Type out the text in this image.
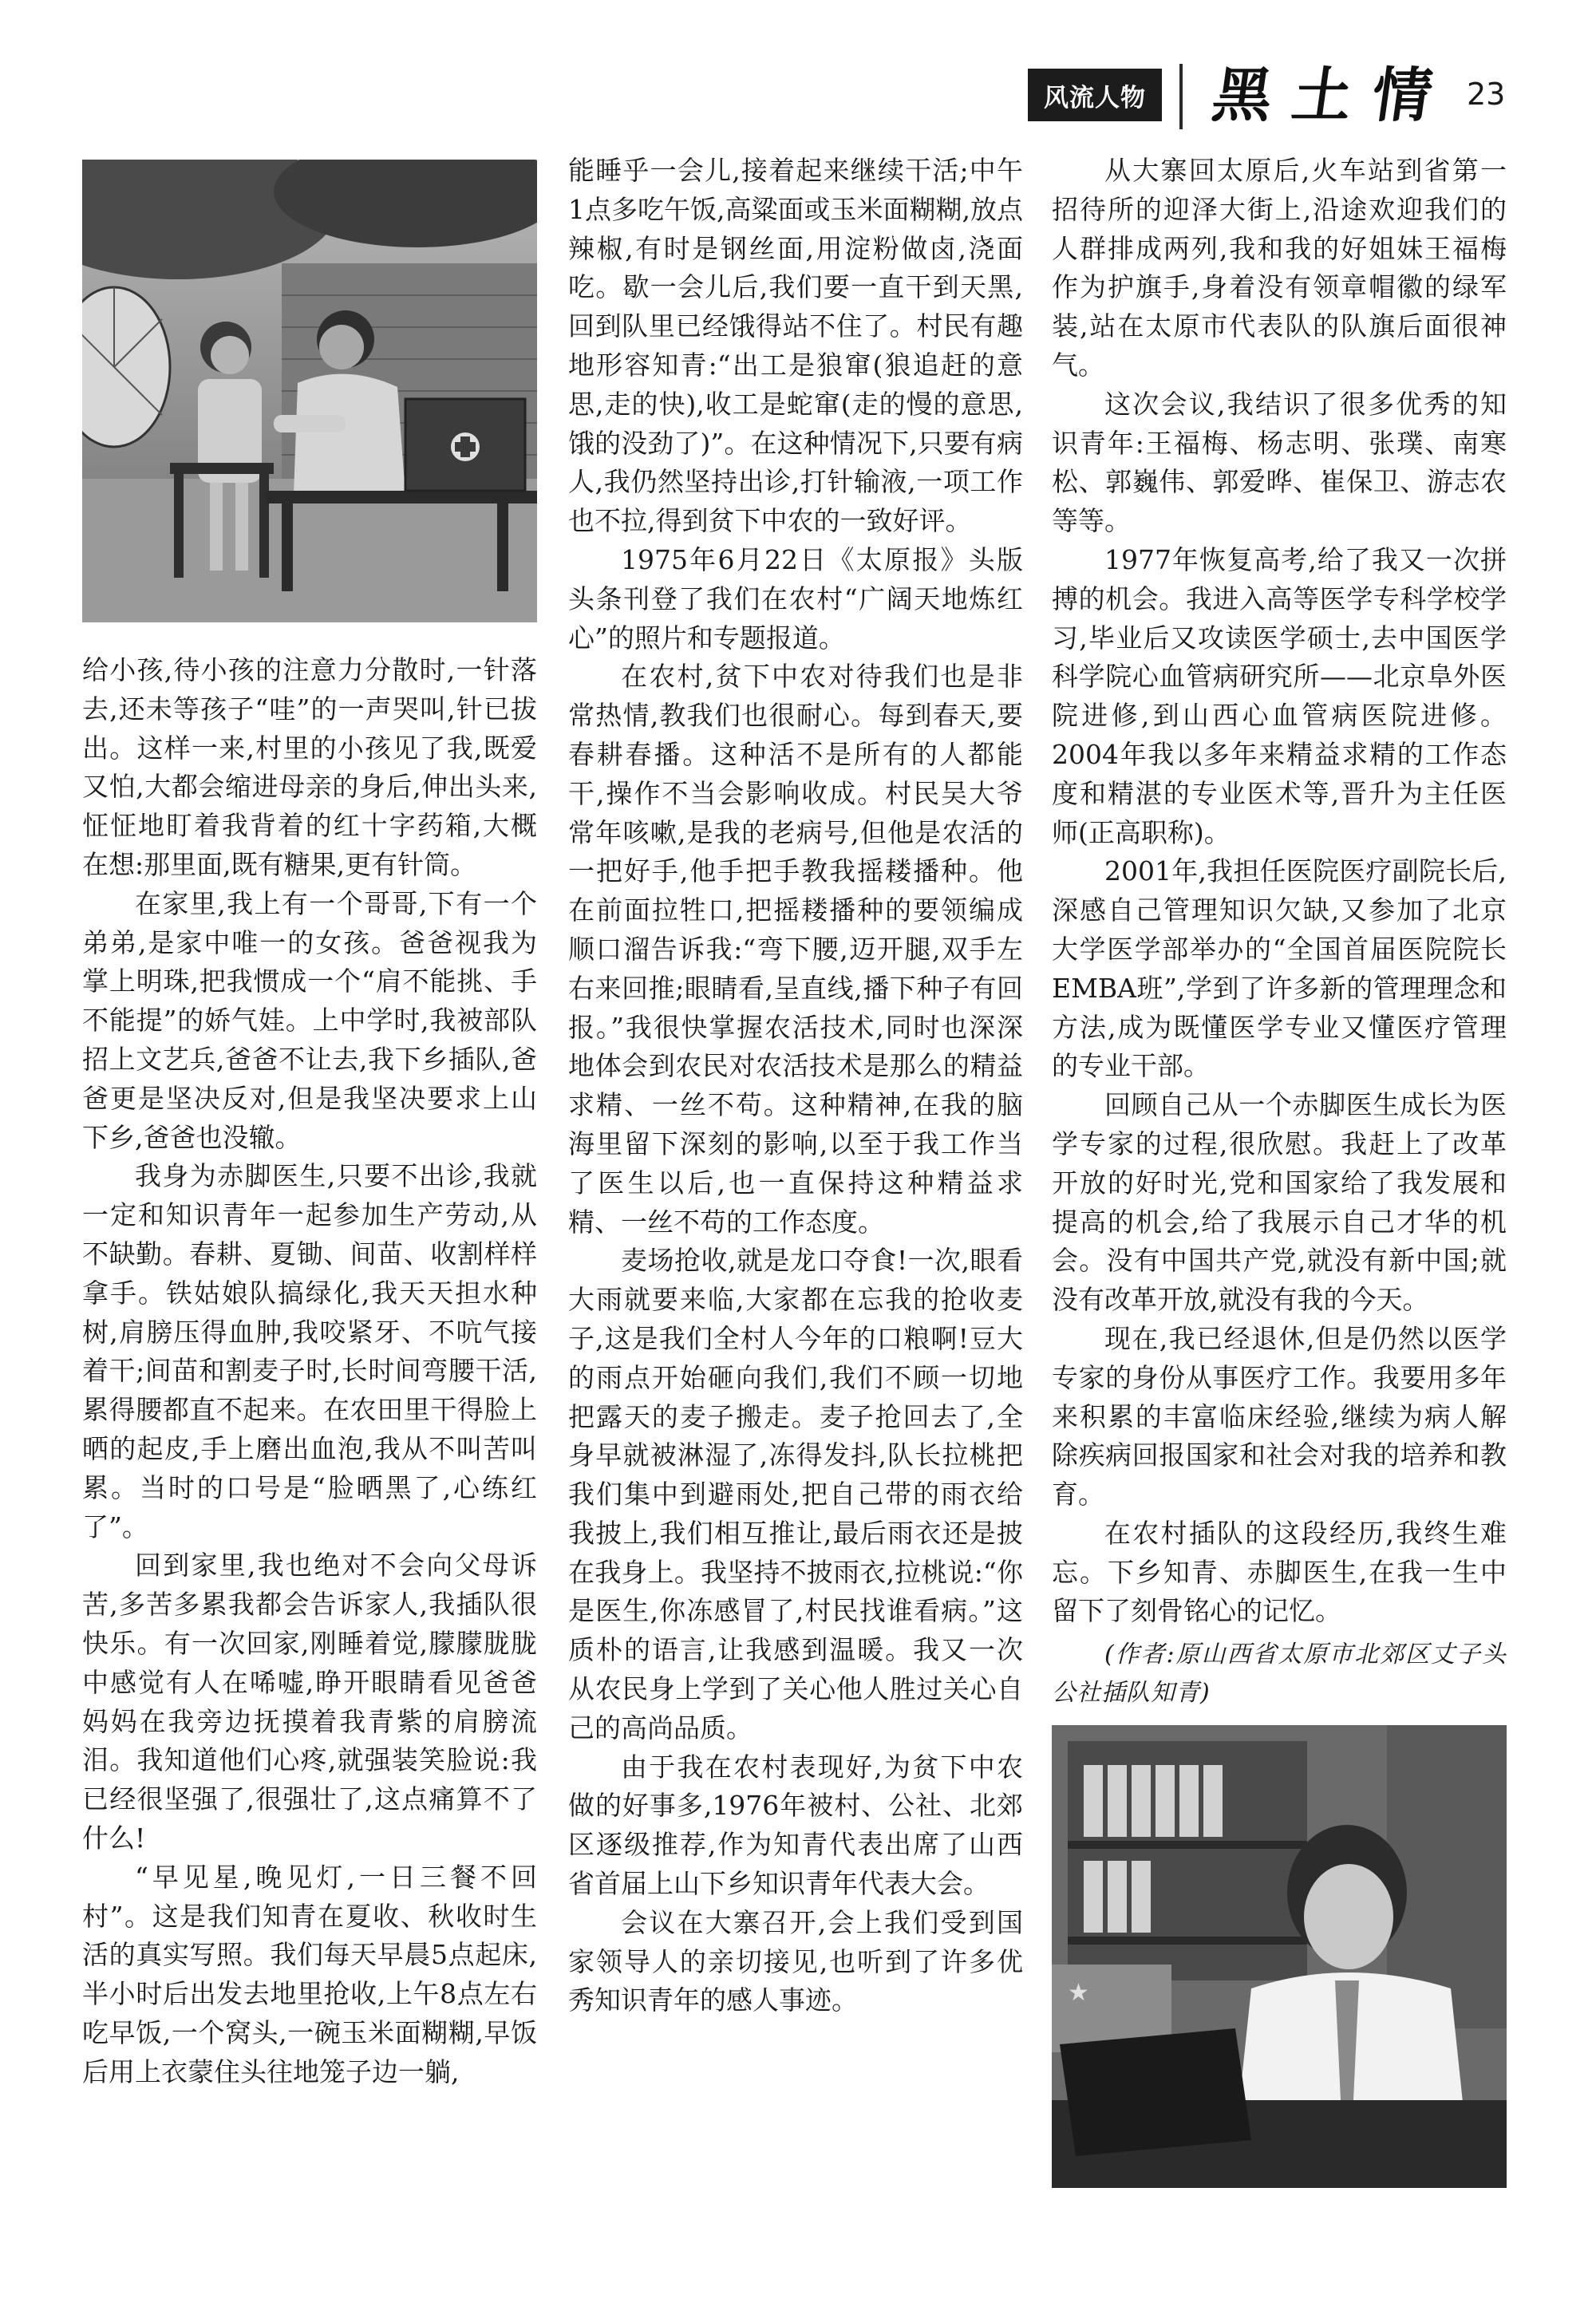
风流人物 黑土情 23

给小孩,待小孩的注意力分散时,一针落去,还未等孩子“哇”的一声哭叫,针已拔出。这样一来,村里的小孩见了我,既爱又怕,大都会缩进母亲的身后,伸出头来,怔怔地盯着我背着的红十字药箱,大概在想:那里面,既有糖果,更有针筒。

在家里,我上有一个哥哥,下有一个弟弟,是家中唯一的女孩。爸爸视我为掌上明珠,把我惯成一个“肩不能挑、手不能提”的娇气娃。上中学时,我被部队招上文艺兵,爸爸不让去,我下乡插队,爸爸更是坚决反对,但是我坚决要求上山下乡,爸爸也没辙。

我身为赤脚医生,只要不出诊,我就一定和知识青年一起参加生产劳动,从不缺勤。春耕、夏锄、间苗、收割样样拿手。铁姑娘队搞绿化,我天天担水种树,肩膀压得血肿,我咬紧牙、不吭气接着干;间苗和割麦子时,长时间弯腰干活,累得腰都直不起来。在农田里干得脸上晒的起皮,手上磨出血泡,我从不叫苦叫累。当时的口号是“脸晒黑了,心练红了”。

回到家里,我也绝对不会向父母诉苦,多苦多累我都会告诉家人,我插队很快乐。有一次回家,刚睡着觉,朦朦胧胧中感觉有人在唏嘘,睁开眼睛看见爸爸妈妈在我旁边抚摸着我青紫的肩膀流泪。我知道他们心疼,就强装笑脸说:我已经很坚强了,很强壮了,这点痛算不了什么!

“早见星,晚见灯,一日三餐不回村”。这是我们知青在夏收、秋收时生活的真实写照。我们每天早晨5点起床,半小时后出发去地里抢收,上午8点左右吃早饭,一个窝头,一碗玉米面糊糊,早饭后用上衣蒙住头往地笼子边一躺,

能睡乎一会儿,接着起来继续干活;中午1点多吃午饭,高粱面或玉米面糊糊,放点辣椒,有时是钢丝面,用淀粉做卤,浇面吃。歇一会儿后,我们要一直干到天黑,回到队里已经饿得站不住了。村民有趣地形容知青:“出工是狼窜(狼追赶的意思,走的快),收工是蛇窜(走的慢的意思,饿的没劲了)”。在这种情况下,只要有病人,我仍然坚持出诊,打针输液,一项工作也不拉,得到贫下中农的一致好评。

1975年6月22日《太原报》头版头条刊登了我们在农村“广阔天地炼红心”的照片和专题报道。

在农村,贫下中农对待我们也是非常热情,教我们也很耐心。每到春天,要春耕春播。这种活不是所有的人都能干,操作不当会影响收成。村民吴大爷常年咳嗽,是我的老病号,但他是农活的一把好手,他手把手教我摇耧播种。他在前面拉牲口,把摇耧播种的要领编成顺口溜告诉我:“弯下腰,迈开腿,双手左右来回推;眼睛看,呈直线,播下种子有回报。”我很快掌握农活技术,同时也深深地体会到农民对农活技术是那么的精益求精、一丝不苟。这种精神,在我的脑海里留下深刻的影响,以至于我工作当了医生以后,也一直保持这种精益求精、一丝不苟的工作态度。

麦场抢收,就是龙口夺食!一次,眼看大雨就要来临,大家都在忘我的抢收麦子,这是我们全村人今年的口粮啊!豆大的雨点开始砸向我们,我们不顾一切地把露天的麦子搬走。麦子抢回去了,全身早就被淋湿了,冻得发抖,队长拉桃把我们集中到避雨处,把自己带的雨衣给我披上,我们相互推让,最后雨衣还是披在我身上。我坚持不披雨衣,拉桃说:“你是医生,你冻感冒了,村民找谁看病。”这质朴的语言,让我感到温暖。我又一次从农民身上学到了关心他人胜过关心自己的高尚品质。

由于我在农村表现好,为贫下中农做的好事多,1976年被村、公社、北郊区逐级推荐,作为知青代表出席了山西省首届上山下乡知识青年代表大会。

会议在大寨召开,会上我们受到国家领导人的亲切接见,也听到了许多优秀知识青年的感人事迹。

从大寨回太原后,火车站到省第一招待所的迎泽大街上,沿途欢迎我们的人群排成两列,我和我的好姐妹王福梅作为护旗手,身着没有领章帽徽的绿军装,站在太原市代表队的队旗后面很神气。

这次会议,我结识了很多优秀的知识青年:王福梅、杨志明、张璞、南寒松、郭巍伟、郭爱晔、崔保卫、游志农等等。

1977年恢复高考,给了我又一次拼搏的机会。我进入高等医学专科学校学习,毕业后又攻读医学硕士,去中国医学科学院心血管病研究所——北京阜外医院进修,到山西心血管病医院进修。2004年我以多年来精益求精的工作态度和精湛的专业医术等,晋升为主任医师(正高职称)。

2001年,我担任医院医疗副院长后,深感自己管理知识欠缺,又参加了北京大学医学部举办的“全国首届医院院长EMBA班”,学到了许多新的管理理念和方法,成为既懂医学专业又懂医疗管理的专业干部。

回顾自己从一个赤脚医生成长为医学专家的过程,很欣慰。我赶上了改革开放的好时光,党和国家给了我发展和提高的机会,给了我展示自己才华的机会。没有中国共产党,就没有新中国;就没有改革开放,就没有我的今天。

现在,我已经退休,但是仍然以医学专家的身份从事医疗工作。我要用多年来积累的丰富临床经验,继续为病人解除疾病回报国家和社会对我的培养和教育。

在农村插队的这段经历,我终生难忘。下乡知青、赤脚医生,在我一生中留下了刻骨铭心的记忆。

(作者:原山西省太原市北郊区丈子头公社插队知青)
★
